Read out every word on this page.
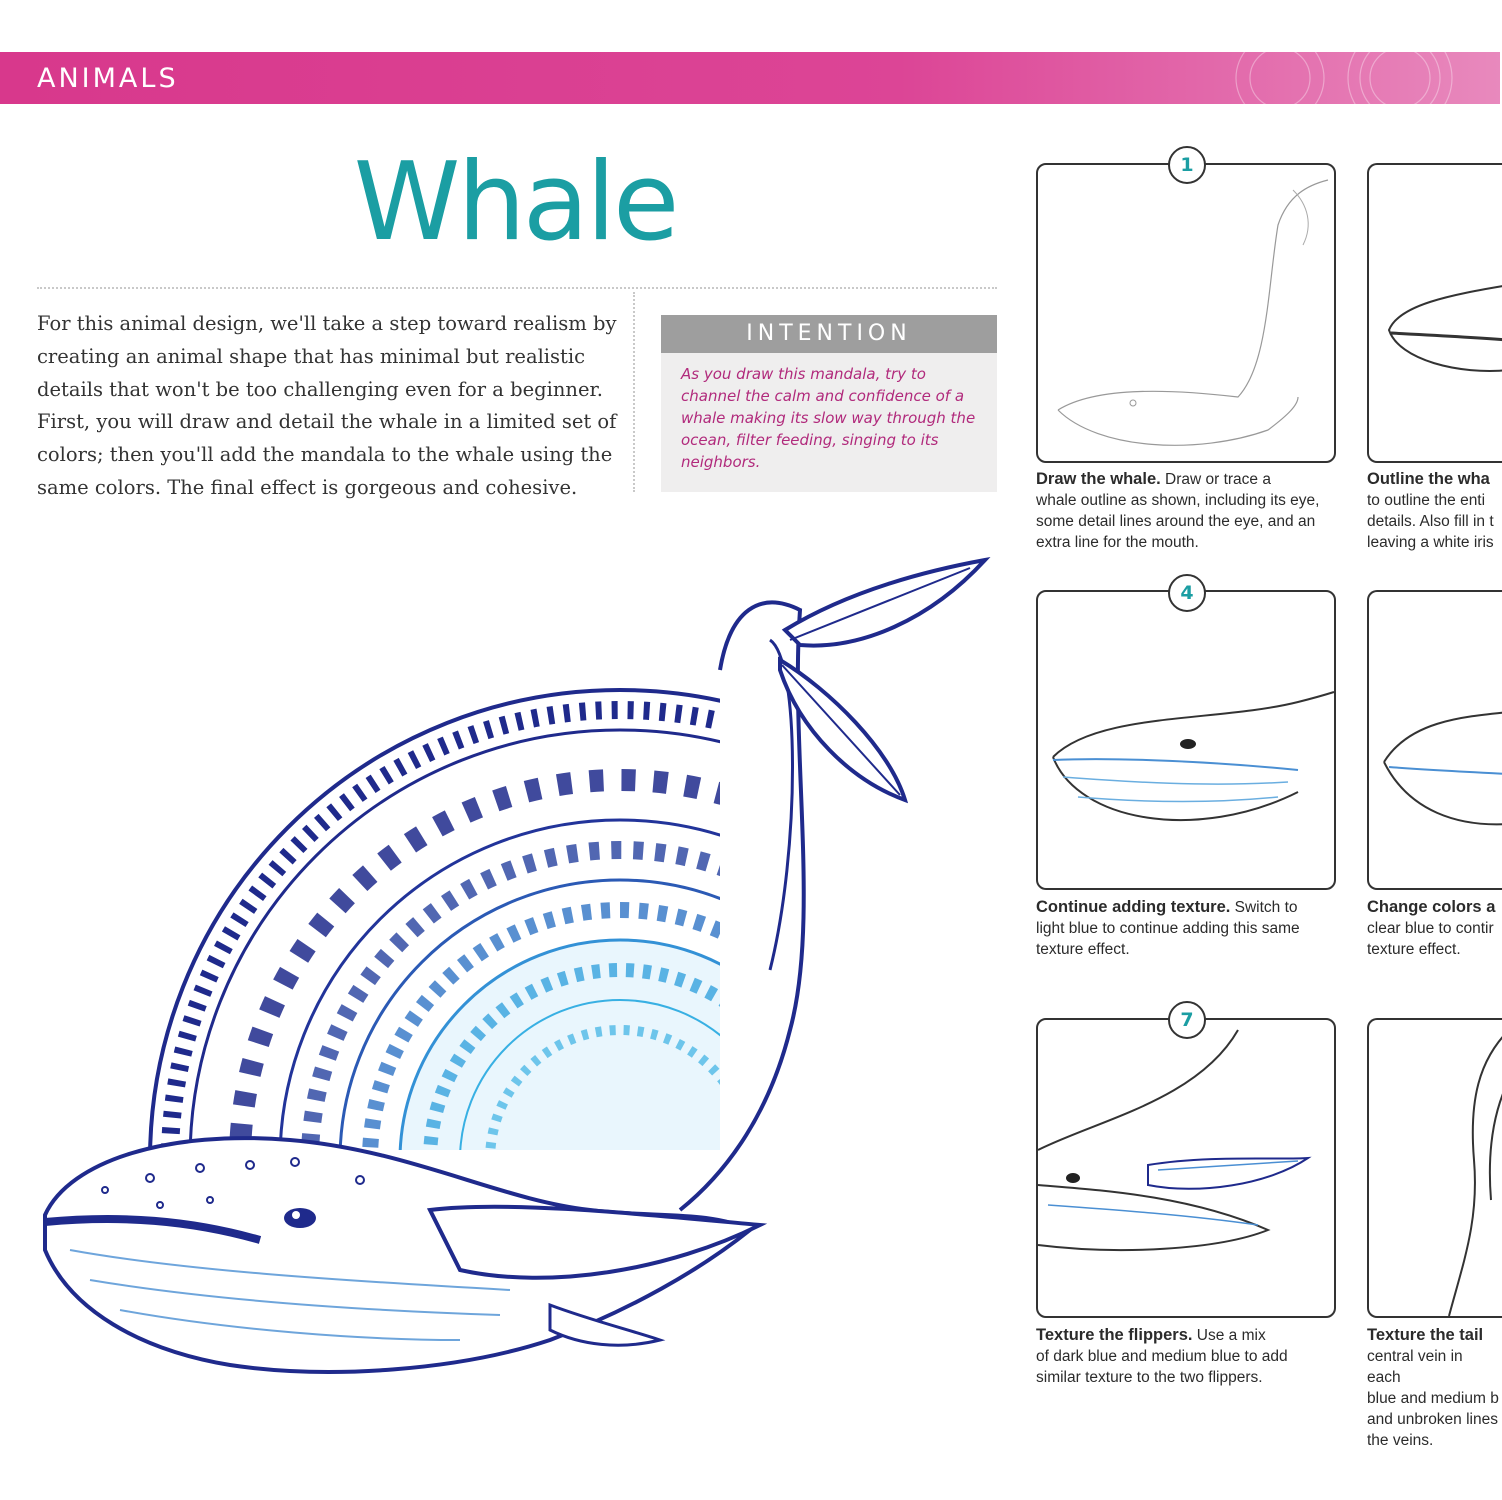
ANIMALS
Whale
For this animal design, we'll take a step toward realism by creating an animal shape that has minimal but realistic details that won't be too challenging even for a beginner. First, you will draw and detail the whale in a limited set of colors; then you'll add the mandala to the whale using the same colors. The final effect is gorgeous and cohesive.
INTENTION
As you draw this mandala, try to channel the calm and confidence of a whale making its slow way through the ocean, filter feeding, singing to its neighbors.
1
Draw the whale. Draw or trace a
whale outline as shown, including its eye,
some detail lines around the eye, and an
extra line for the mouth.
Outline the wha
to outline the enti
details. Also fill in t
leaving a white iris
4
Continue adding texture. Switch to
light blue to continue adding this same
texture effect.
Change colors a
clear blue to contir
texture effect.
7
Texture the flippers. Use a mix
of dark blue and medium blue to add
similar texture to the two flippers.
Texture the tail
central vein in each
blue and medium b
and unbroken lines
the veins.
